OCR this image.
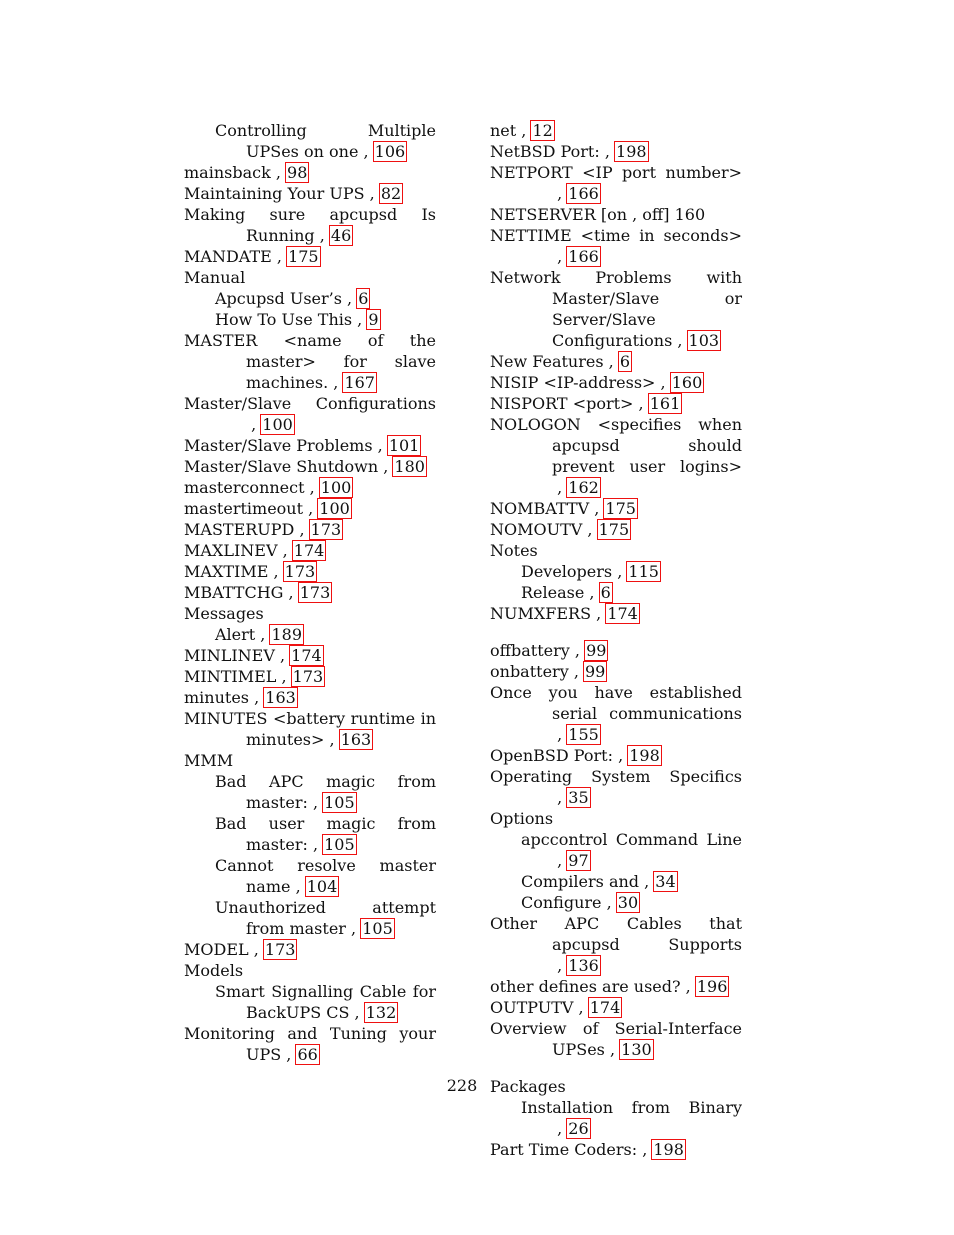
Controlling Multiple UPSes on one , 106
mainsback , 98
Maintaining Your UPS , 82
Making sure apcupsd Is Running , 46
MANDATE , 175
Manual
Apcupsd User’s , 6
How To Use This , 9
MASTER <name of the master> for slave machines. , 167
Master/Slave Configurations , 100
Master/Slave Problems , 101
Master/Slave Shutdown , 180
masterconnect , 100
mastertimeout , 100
MASTERUPD , 173
MAXLINEV , 174
MAXTIME , 173
MBATTCHG , 173
Messages
Alert , 189
MINLINEV , 174
MINTIMEL , 173
minutes , 163
MINUTES <battery runtime in minutes> , 163
MMM
Bad APC magic from master: , 105
Bad user magic from master: , 105
Cannot resolve master name , 104
Unauthorized attempt from master , 105
MODEL , 173
Models
Smart Signalling Cable for BackUPS CS , 132
Monitoring and Tuning your UPS , 66
net , 12
NetBSD Port: , 198
NETPORT <IP port number> , 166
NETSERVER [on , off] 160
NETTIME <time in seconds> , 166
Network Problems with Master/Slave or Server/Slave Configurations , 103
New Features , 6
NISIP <IP-address> , 160
NISPORT <port> , 161
NOLOGON <specifies when apcupsd should prevent user logins> , 162
NOMBATTV , 175
NOMOUTV , 175
Notes
Developers , 115
Release , 6
NUMXFERS , 174
offbattery , 99
onbattery , 99
Once you have established serial communications , 155
OpenBSD Port: , 198
Operating System Specifics , 35
Options
apccontrol Command Line , 97
Compilers and , 34
Configure , 30
Other APC Cables that apcupsd Supports , 136
other defines are used? , 196
OUTPUTV , 174
Overview of Serial-Interface UPSes , 130
Packages
Installation from Binary , 26
Part Time Coders: , 198
228
